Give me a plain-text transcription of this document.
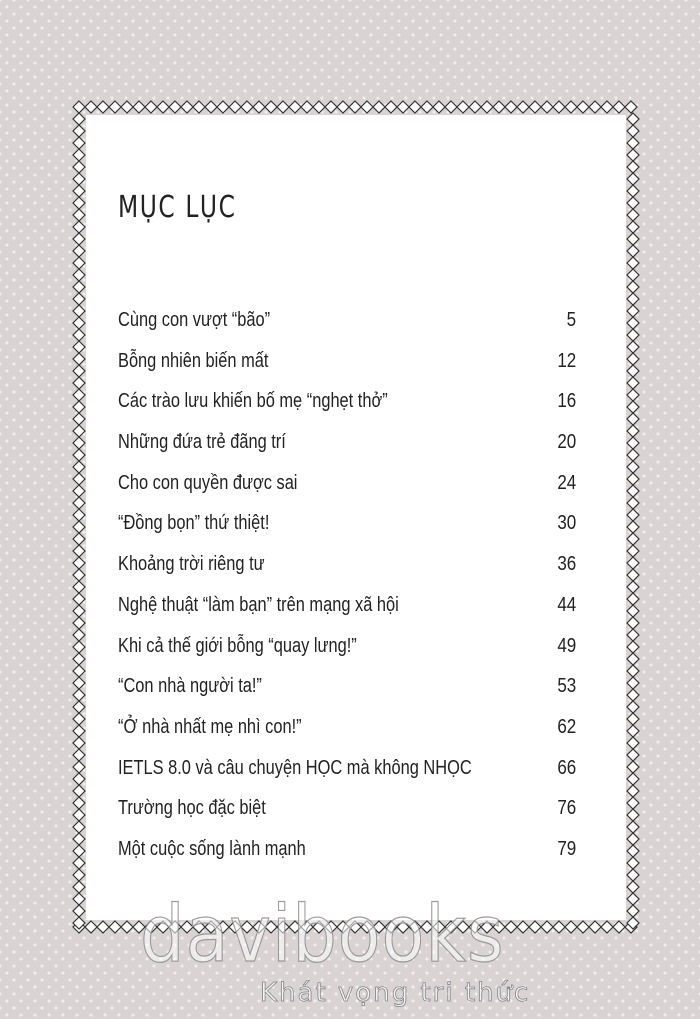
MỤC LỤC
Cùng con vượt “bão”	5
Bỗng nhiên biến mất	12
Các trào lưu khiến bố mẹ “nghẹt thở”	16
Những đứa trẻ đãng trí	20
Cho con quyền được sai	24
“Đồng bọn” thứ thiệt!	30
Khoảng trời riêng tư	36
Nghệ thuật “làm bạn” trên mạng xã hội	44
Khi cả thế giới bỗng “quay lưng!”	49
“Con nhà người ta!”	53
“Ở nhà nhất mẹ nhì con!”	62
IETLS 8.0 và câu chuyện HỌC mà không NHỌC	66
Trường học đặc biệt	76
Một cuộc sống lành mạnh	79
davibooks
Khát vọng tri thức
